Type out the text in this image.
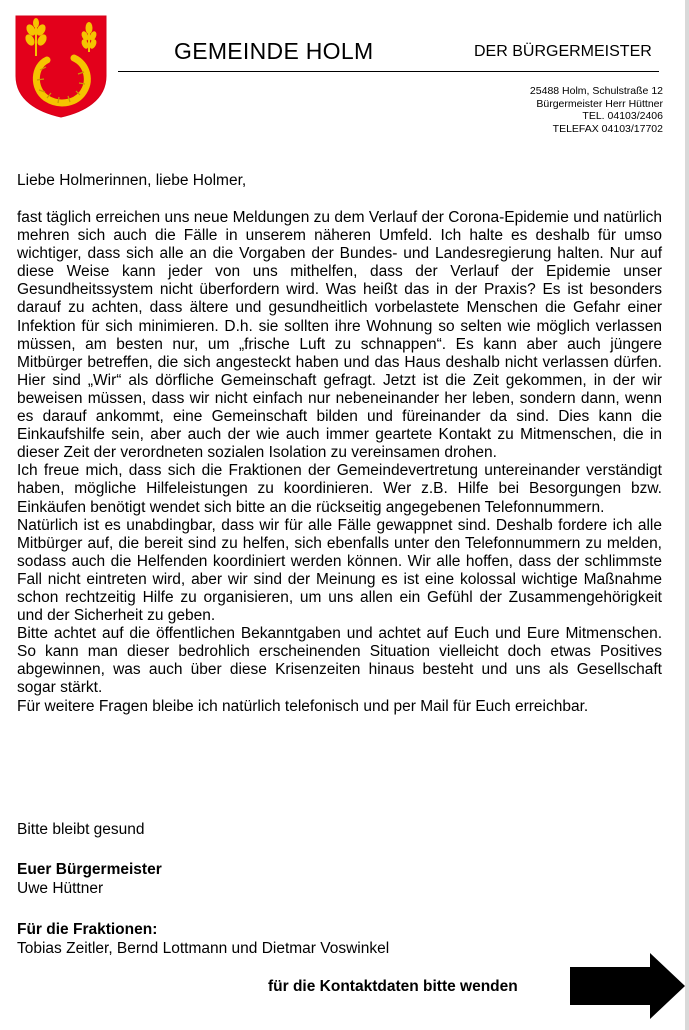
GEMEINDE HOLM	DER BÜRGERMEISTER
25488 Holm, Schulstraße 12
Bürgermeister Herr Hüttner
TEL. 04103/2406
TELEFAX 04103/17702
Liebe Holmerinnen, liebe Holmer,

fast täglich erreichen uns neue Meldungen zu dem Verlauf der Corona-Epidemie und natürlich mehren sich auch die Fälle in unserem näheren Umfeld. Ich halte es deshalb für umso wichtiger, dass sich alle an die Vorgaben der Bundes- und Landesregierung halten. Nur auf diese Weise kann jeder von uns mithelfen, dass der Verlauf der Epidemie unser Gesundheitssystem nicht überfordern wird. Was heißt das in der Praxis? Es ist besonders darauf zu achten, dass ältere und gesundheitlich vorbelastete Menschen die Gefahr einer Infektion für sich minimieren. D.h. sie sollten ihre Wohnung so selten wie möglich verlassen müssen, am besten nur, um „frische Luft zu schnappen“. Es kann aber auch jüngere Mitbürger betreffen, die sich angesteckt haben und das Haus deshalb nicht verlassen dürfen. Hier sind „Wir“ als dörfliche Gemeinschaft gefragt. Jetzt ist die Zeit gekommen, in der wir beweisen müssen, dass wir nicht einfach nur nebeneinander her leben, sondern dann, wenn es darauf ankommt, eine Gemeinschaft bilden und füreinander da sind. Dies kann die Einkaufshilfe sein, aber auch der wie auch immer geartete Kontakt zu Mitmenschen, die in dieser Zeit der verordneten sozialen Isolation zu vereinsamen drohen.

Ich freue mich, dass sich die Fraktionen der Gemeindevertretung untereinander verständigt haben, mögliche Hilfeleistungen zu koordinieren. Wer z.B. Hilfe bei Besorgungen bzw. Einkäufen benötigt wendet sich bitte an die rückseitig angegebenen Telefonnummern.

Natürlich ist es unabdingbar, dass wir für alle Fälle gewappnet sind. Deshalb fordere ich alle Mitbürger auf, die bereit sind zu helfen, sich ebenfalls unter den Telefonnummern zu melden, sodass auch die Helfenden koordiniert werden können. Wir alle hoffen, dass der schlimmste Fall nicht eintreten wird, aber wir sind der Meinung es ist eine kolossal wichtige Maßnahme schon rechtzeitig Hilfe zu organisieren, um uns allen ein Gefühl der Zusammengehörigkeit und der Sicherheit zu geben.

Bitte achtet auf die öffentlichen Bekanntgaben und achtet auf Euch und Eure Mitmenschen. So kann man dieser bedrohlich erscheinenden Situation vielleicht doch etwas Positives abgewinnen, was auch über diese Krisenzeiten hinaus besteht und uns als Gesellschaft sogar stärkt.

Für weitere Fragen bleibe ich natürlich telefonisch und per Mail für Euch erreichbar.

Bitte bleibt gesund
Euer Bürgermeister
Uwe Hüttner
Für die Fraktionen:
Tobias Zeitler, Bernd Lottmann und Dietmar Voswinkel
für die Kontaktdaten bitte wenden
